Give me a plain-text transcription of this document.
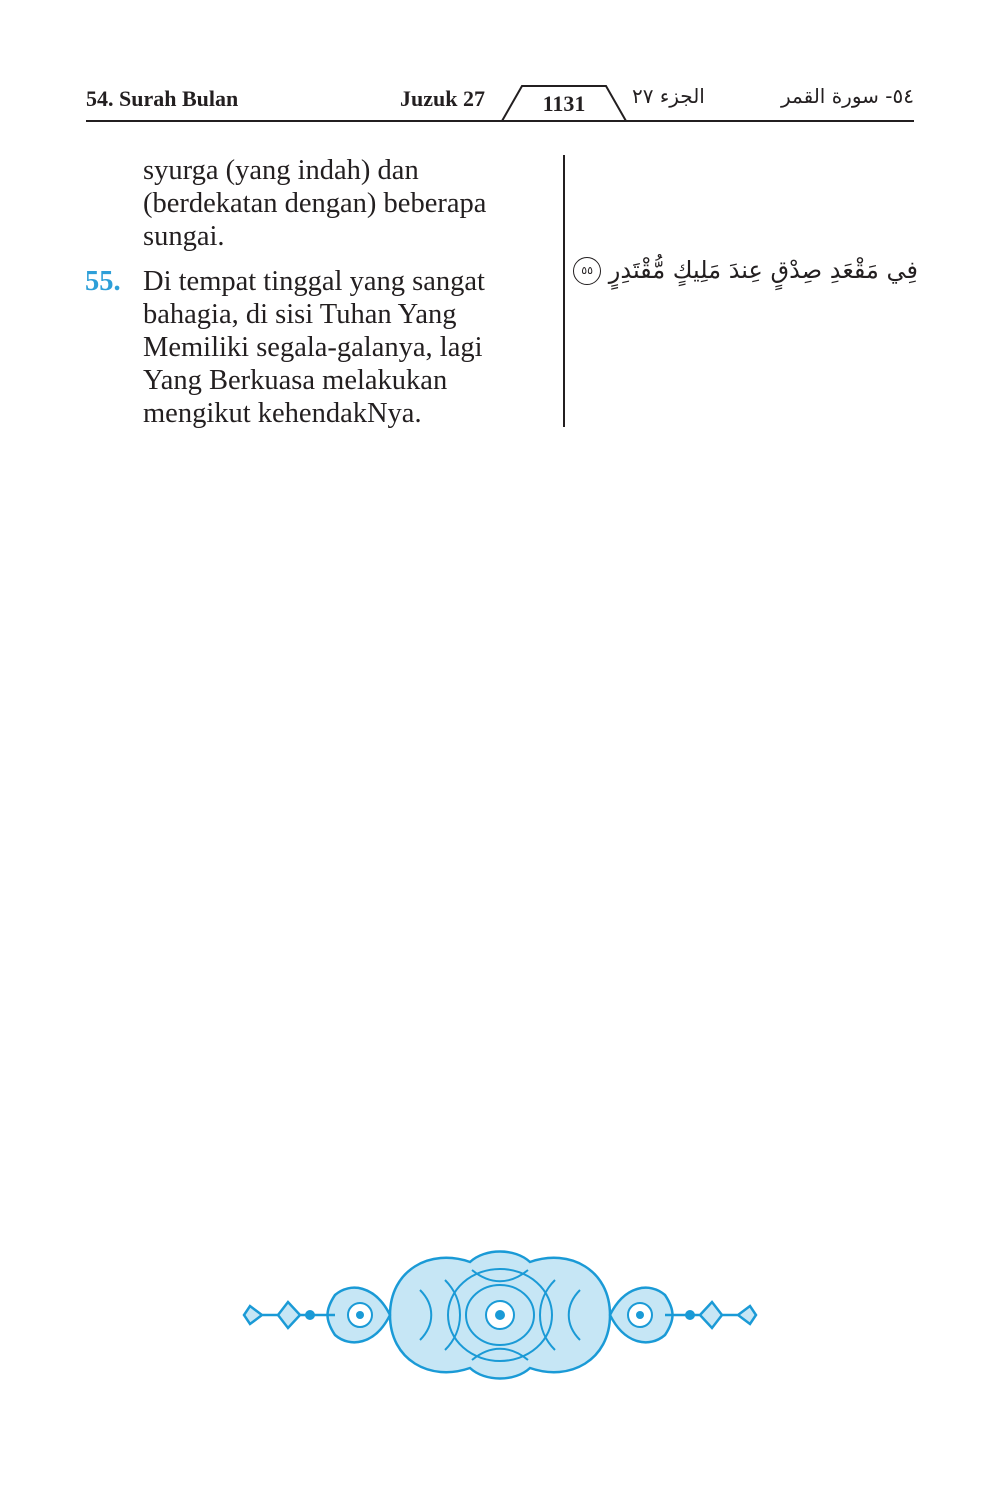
54. Surah Bulan	Juzuk 27	1131	الجزء ٢٧	٥٤- سورة القمر
syurga (yang indah) dan (berdekatan dengan) beberapa sungai.
55. Di tempat tinggal yang sangat bahagia, di sisi Tuhan Yang Memiliki segala-galanya, lagi Yang Berkuasa melakukan mengikut kehendakNya.
فِي مَقْعَدِ صِدْقٍ عِندَ مَلِيكٍ مُّقْتَدِرٍ ٥٥
